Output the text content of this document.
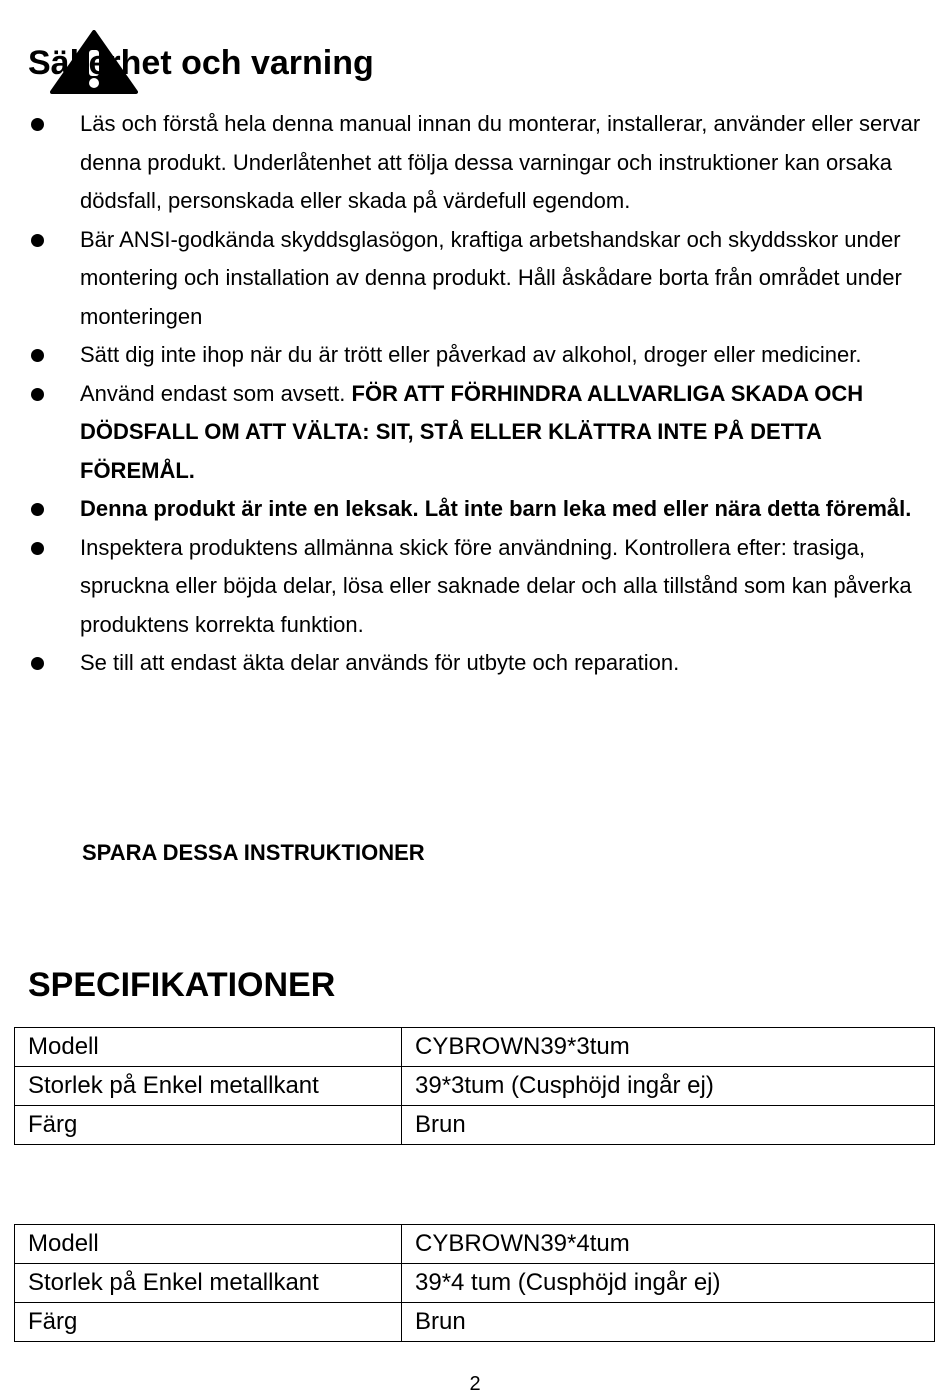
Säkerhet och varning
Läs och förstå hela denna manual innan du monterar, installerar, använder eller servar denna produkt. Underlåtenhet att följa dessa varningar och instruktioner kan orsaka dödsfall, personskada eller skada på värdefull egendom.
Bär ANSI-godkända skyddsglasögon, kraftiga arbetshandskar och skyddsskor under montering och installation av denna produkt. Håll åskådare borta från området under monteringen
Sätt dig inte ihop när du är trött eller påverkad av alkohol, droger eller mediciner.
Använd endast som avsett. FÖR ATT FÖRHINDRA ALLVARLIGA SKADA OCH DÖDSFALL OM ATT VÄLTA: SIT, STÅ ELLER KLÄTTRA INTE PÅ DETTA FÖREMÅL.
Denna produkt är inte en leksak. Låt inte barn leka med eller nära detta föremål.
Inspektera produktens allmänna skick före användning. Kontrollera efter: trasiga, spruckna eller böjda delar, lösa eller saknade delar och alla tillstånd som kan påverka produktens korrekta funktion.
Se till att endast äkta delar används för utbyte och reparation.

SPARA DESSA INSTRUKTIONER

SPECIFIKATIONER
Modell	CYBROWN39*3tum
Storlek på Enkel metallkant	39*3tum (Cusphöjd ingår ej)
Färg	Brun
Modell	CYBROWN39*4tum
Storlek på Enkel metallkant	39*4 tum (Cusphöjd ingår ej)
Färg	Brun

2
